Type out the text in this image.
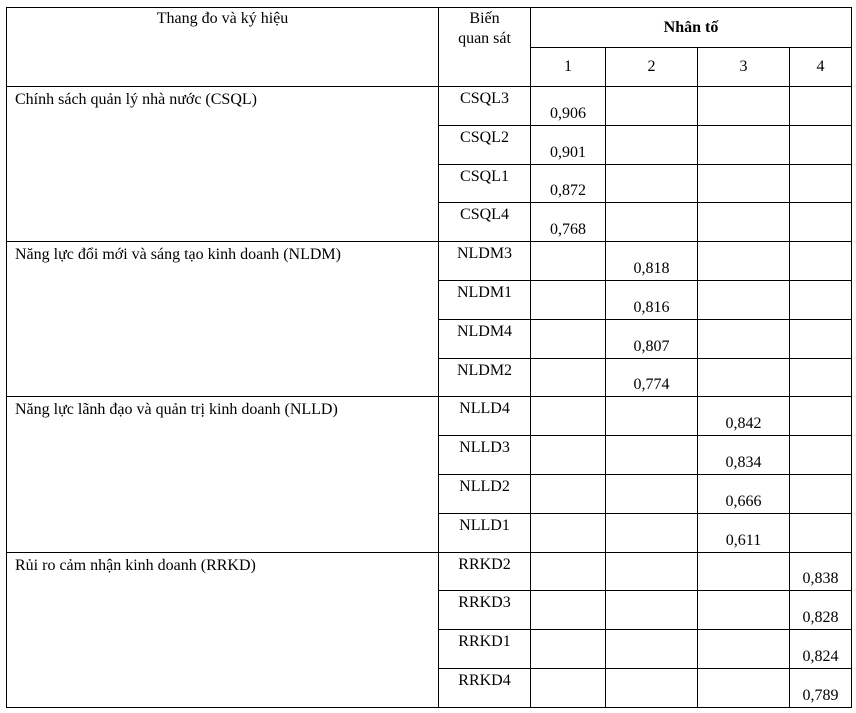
Thang đo và ký hiệu	Biến
quan sát	Nhân tố			
		1	2	3	4
Chính sách quản lý nhà nước (CSQL)	CSQL3	0,906			
	CSQL2	0,901			
	CSQL1	0,872			
	CSQL4	0,768			
Năng lực đổi mới và sáng tạo kinh doanh (NLDM)	NLDM3		0,818		
	NLDM1		0,816		
	NLDM4		0,807		
	NLDM2		0,774		
Năng lực lãnh đạo và quản trị kinh doanh (NLLD)	NLLD4			0,842	
	NLLD3			0,834	
	NLLD2			0,666	
	NLLD1			0,611	
Rủi ro cảm nhận kinh doanh (RRKD)	RRKD2				0,838
	RRKD3				0,828
	RRKD1				0,824
	RRKD4				0,789
